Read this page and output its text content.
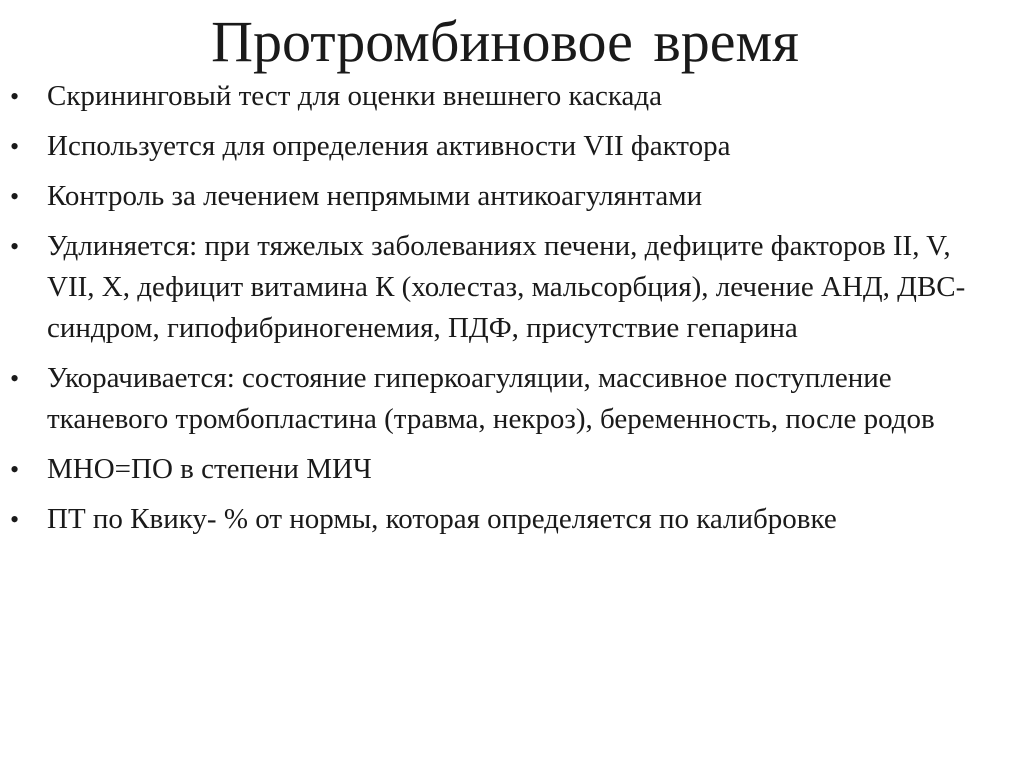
Протромбиновое время
• Скрининговый тест для оценки внешнего каскада
• Используется для определения активности VII фактора
• Контроль за лечением непрямыми антикоагулянтами
• Удлиняется: при тяжелых заболеваниях печени, дефиците факторов II, V, VII, X, дефицит витамина К (холестаз, мальсорбция), лечение АНД, ДВС-синдром, гипофибриногенемия, ПДФ, присутствие гепарина
• Укорачивается: состояние гиперкоагуляции, массивное поступление тканевого тромбопластина (травма, некроз), беременность, после родов
• МНО=ПО в степени МИЧ
• ПТ по Квику- % от нормы, которая определяется по калибровке
